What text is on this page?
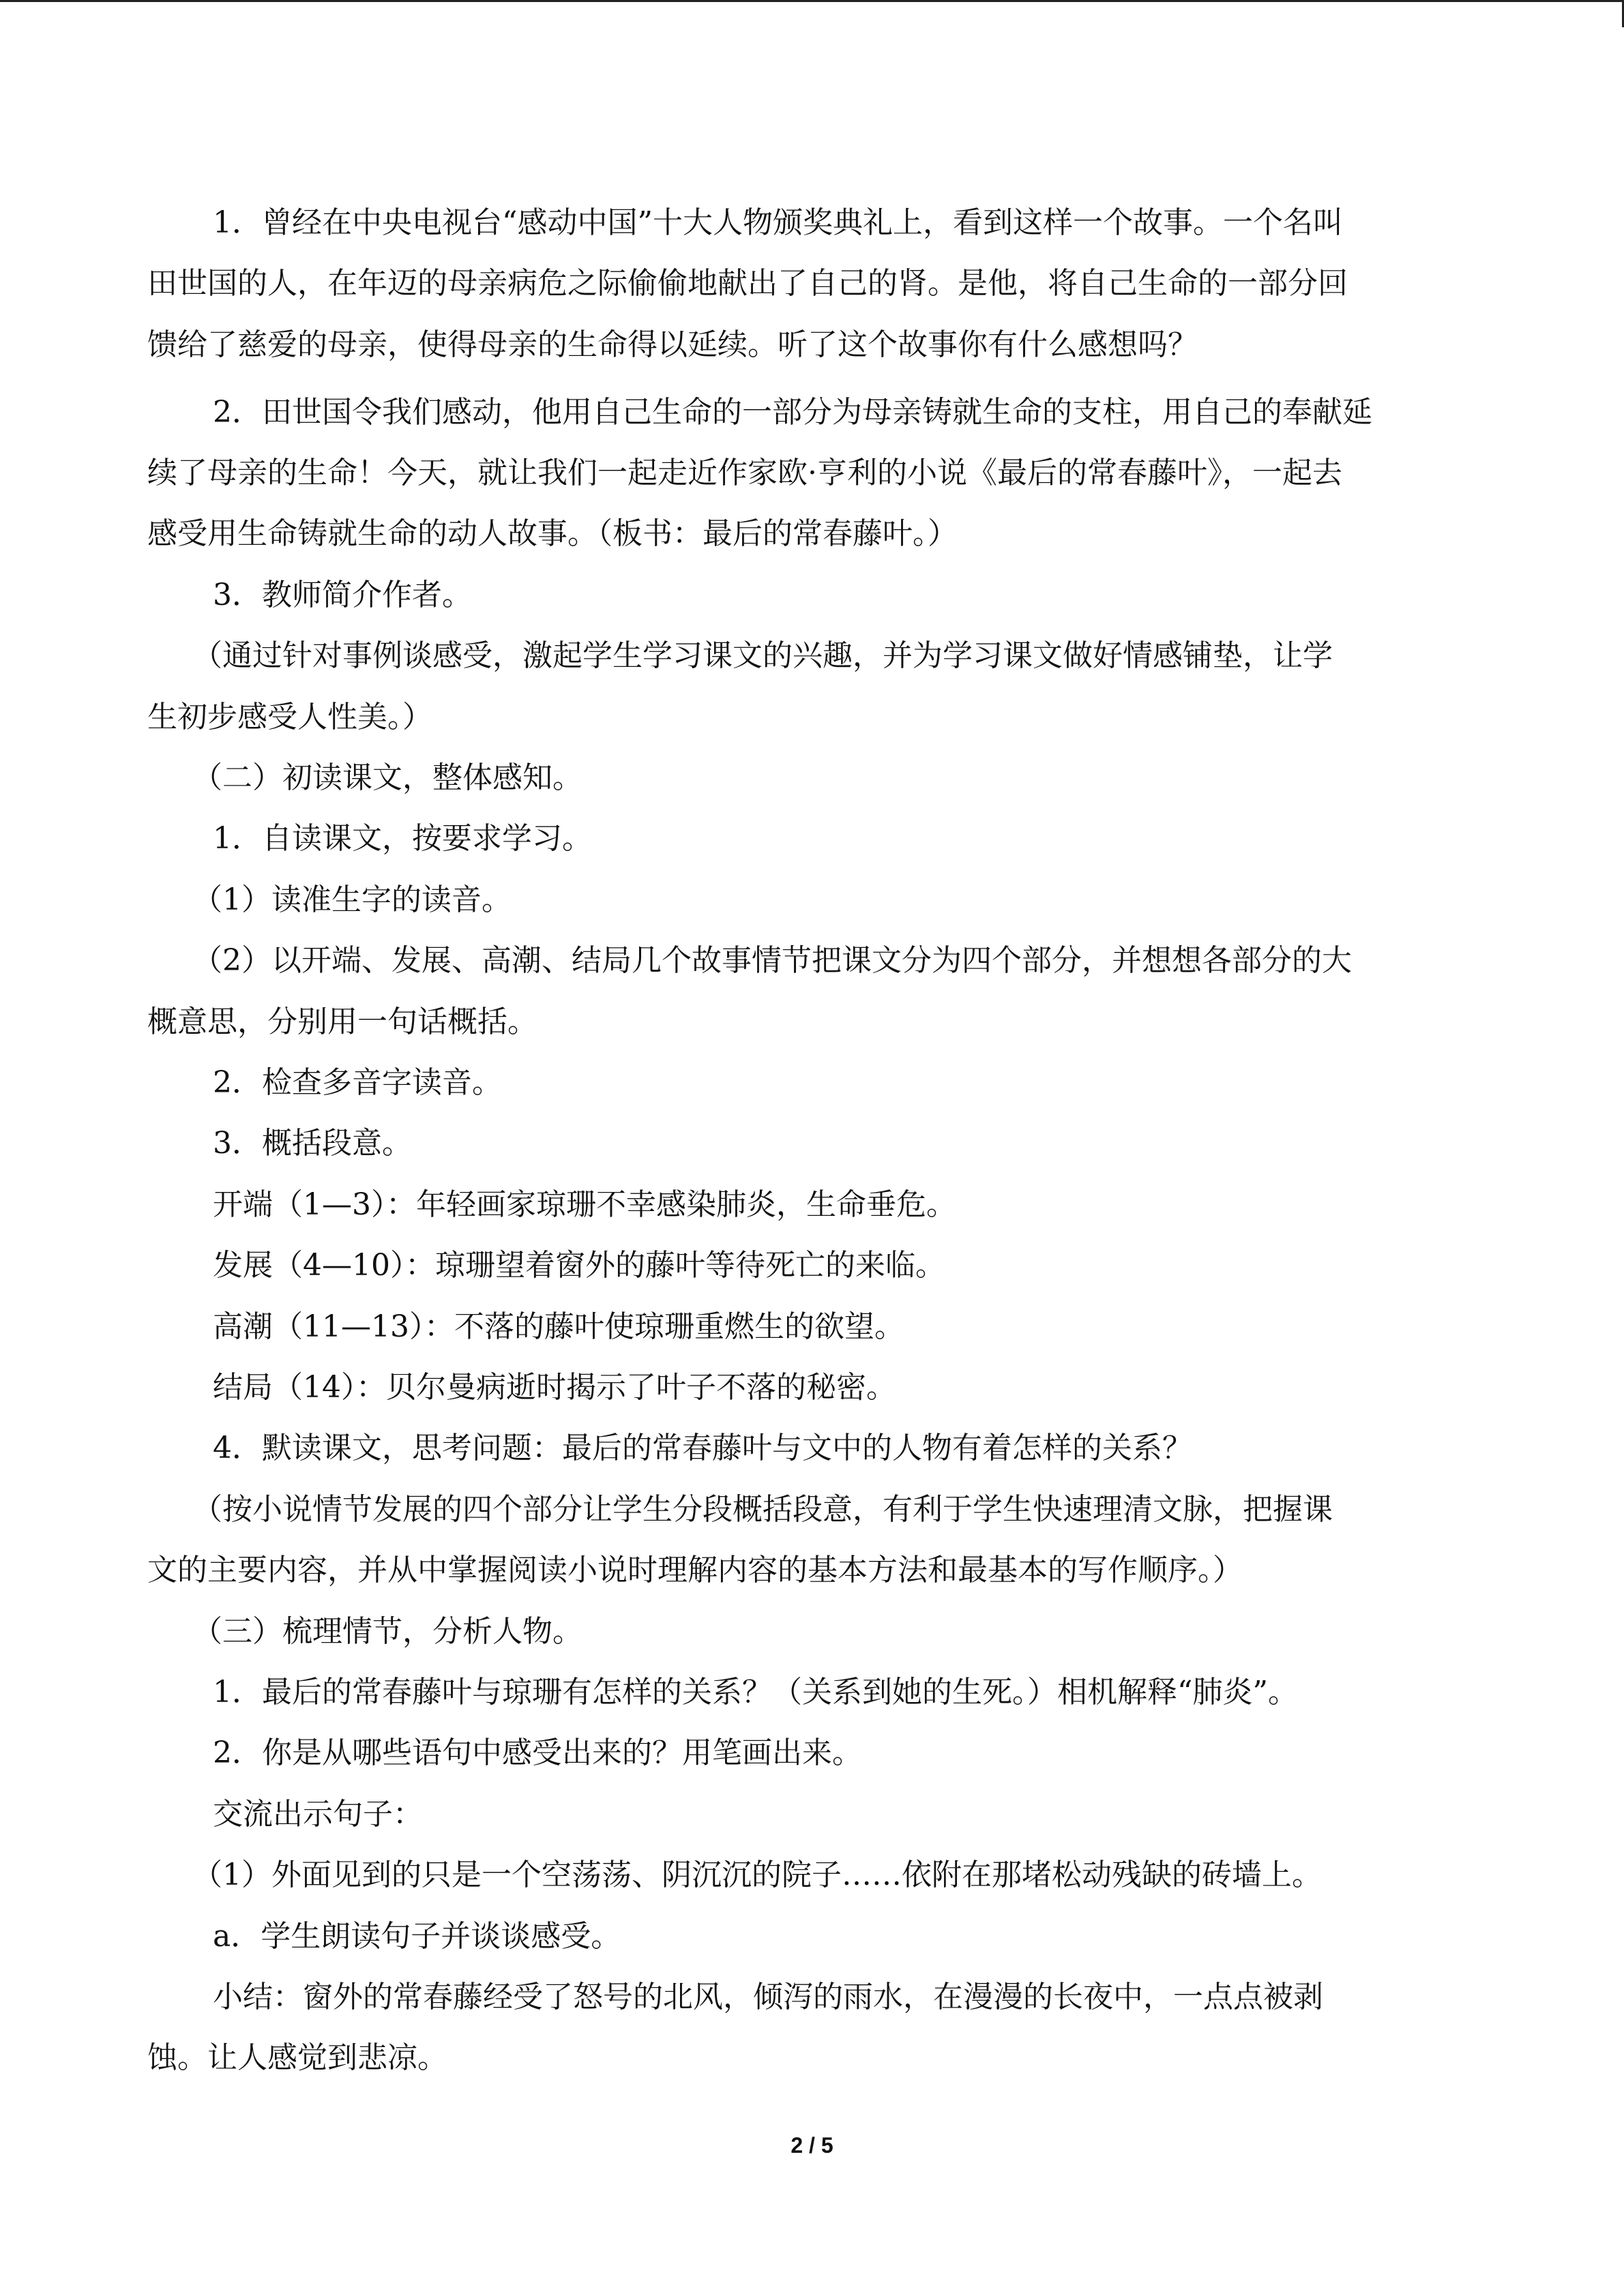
1．曾经在中央电视台“感动中国”十大人物颁奖典礼上，看到这样一个故事。一个名叫
田世国的人，在年迈的母亲病危之际偷偷地献出了自己的肾。是他，将自己生命的一部分回
馈给了慈爱的母亲，使得母亲的生命得以延续。听了这个故事你有什么感想吗？
2．田世国令我们感动，他用自己生命的一部分为母亲铸就生命的支柱，用自己的奉献延
续了母亲的生命！今天，就让我们一起走近作家欧·亨利的小说《最后的常春藤叶》，一起去
感受用生命铸就生命的动人故事。（板书：最后的常春藤叶。）
3．教师简介作者。
（通过针对事例谈感受，激起学生学习课文的兴趣，并为学习课文做好情感铺垫，让学
生初步感受人性美。）
（二）初读课文，整体感知。
1．自读课文，按要求学习。
（1）读准生字的读音。
（2）以开端、发展、高潮、结局几个故事情节把课文分为四个部分，并想想各部分的大
概意思，分别用一句话概括。
2．检查多音字读音。
3．概括段意。
开端（1—3）：年轻画家琼珊不幸感染肺炎，生命垂危。
发展（4—10）：琼珊望着窗外的藤叶等待死亡的来临。
高潮（11—13）：不落的藤叶使琼珊重燃生的欲望。
结局（14）：贝尔曼病逝时揭示了叶子不落的秘密。
4．默读课文，思考问题：最后的常春藤叶与文中的人物有着怎样的关系？
（按小说情节发展的四个部分让学生分段概括段意，有利于学生快速理清文脉，把握课
文的主要内容，并从中掌握阅读小说时理解内容的基本方法和最基本的写作顺序。）
（三）梳理情节，分析人物。
1．最后的常春藤叶与琼珊有怎样的关系？（关系到她的生死。）相机解释“肺炎”。
2．你是从哪些语句中感受出来的？用笔画出来。
交流出示句子：
（1）外面见到的只是一个空荡荡、阴沉沉的院子……依附在那堵松动残缺的砖墙上。
a．学生朗读句子并谈谈感受。
小结：窗外的常春藤经受了怒号的北风，倾泻的雨水，在漫漫的长夜中，一点点被剥
蚀。让人感觉到悲凉。
2 / 5
